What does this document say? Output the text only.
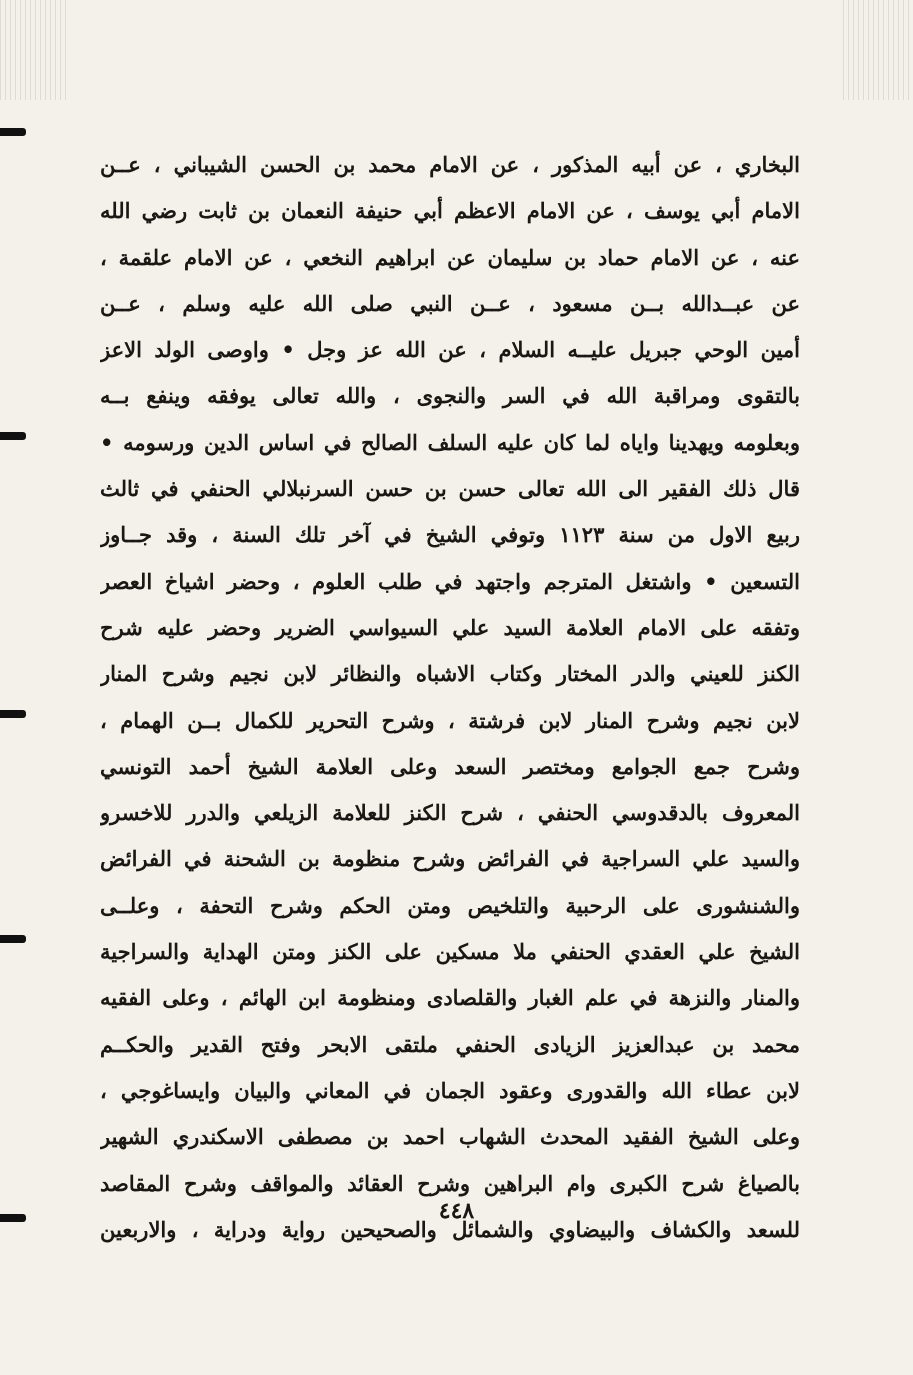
البخاري ، عن أبيه المذكور ، عن الامام محمد بن الحسن الشيباني ، عــن
الامام أبي يوسف ، عن الامام الاعظم أبي حنيفة النعمان بن ثابت رضي الله
عنه ، عن الامام حماد بن سليمان عن ابراهيم النخعي ، عن الامام علقمة ،
عن عبــدالله بــن مسعود ، عــن النبي صلى الله عليه وسلم ، عــن
أمين الوحي جبريل عليــه السلام ، عن الله عز وجل • واوصى الولد الاعز
بالتقوى ومراقبة الله في السر والنجوى ، والله تعالى يوفقه وينفع بــه
وبعلومه ويهدينا واياه لما كان عليه السلف الصالح في اساس الدين ورسومه •
قال ذلك الفقير الى الله تعالى حسن بن حسن السرنبلالي الحنفي في ثالث
ربيع الاول من سنة ١١٢٣ وتوفي الشيخ في آخر تلك السنة ، وقد جــاوز
التسعين • واشتغل المترجم واجتهد في طلب العلوم ، وحضر اشياخ العصر
وتفقه على الامام العلامة السيد علي السيواسي الضرير وحضر عليه شرح
الكنز للعيني والدر المختار وكتاب الاشباه والنظائر لابن نجيم وشرح المنار
لابن نجيم وشرح المنار لابن فرشتة ، وشرح التحرير للكمال بــن الهمام ،
وشرح جمع الجوامع ومختصر السعد وعلى العلامة الشيخ أحمد التونسي
المعروف بالدقدوسي الحنفي ، شرح الكنز للعلامة الزيلعي والدرر للاخسرو
والسيد علي السراجية في الفرائض وشرح منظومة بن الشحنة في الفرائض
والشنشورى على الرحبية والتلخيص ومتن الحكم وشرح التحفة ، وعلــى
الشيخ علي العقدي الحنفي ملا مسكين على الكنز ومتن الهداية والسراجية
والمنار والنزهة في علم الغبار والقلصادى ومنظومة ابن الهائم ، وعلى الفقيه
محمد بن عبدالعزيز الزيادى الحنفي ملتقى الابحر وفتح القدير والحكــم
لابن عطاء الله والقدورى وعقود الجمان في المعاني والبيان وايساغوجي ،
وعلى الشيخ الفقيد المحدث الشهاب احمد بن مصطفى الاسكندري الشهير
بالصياغ شرح الكبرى وام البراهين وشرح العقائد والمواقف وشرح المقاصد
للسعد والكشاف والبيضاوي والشمائل والصحيحين رواية ودراية ، والاربعين
٤٤٨
